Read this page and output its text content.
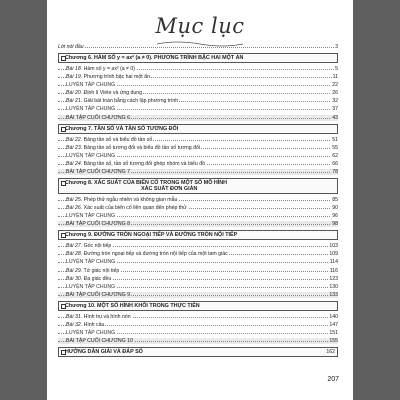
Mục lục
Lời nói đầu	3
Chương 6. HÀM SỐ y = ax² (a ≠ 0). PHƯƠNG TRÌNH BẬC HAI MỘT ẨN
Bài 18. Hàm số y = ax² (a ≠ 0)	5
Bài 19. Phương trình bậc hai một ẩn	11
LUYỆN TẬP CHUNG	22
Bài 20. Định lí Viète và ứng dụng	26
Bài 21. Giải bài toán bằng cách lập phương trình	32
LUYỆN TẬP CHUNG	37
BÀI TẬP CUỐI CHƯƠNG 6	43
Chương 7. TẦN SỐ VÀ TẦN SỐ TƯƠNG ĐỐI
Bài 22. Bảng tần số và biểu đồ tần số	51
Bài 23. Bảng tần số tương đối và biểu đồ tần số tương đối	55
LUYỆN TẬP CHUNG	62
Bài 24. Bảng tần số, tần số tương đối ghép nhóm và biểu đồ	66
BÀI TẬP CUỐI CHƯƠNG 7	78
Chương 8. XÁC SUẤT CỦA BIẾN CỐ TRONG MỘT SỐ MÔ HÌNH
XÁC SUẤT ĐƠN GIẢN
Bài 25. Phép thử ngẫu nhiên và không gian mẫu	85
Bài 26. Xác suất của biến cố liên quan đến phép thử	90
LUYỆN TẬP CHUNG	96
BÀI TẬP CUỐI CHƯƠNG 8	98
Chương 9. ĐƯỜNG TRÒN NGOẠI TIẾP VÀ ĐƯỜNG TRÒN NỘI TIẾP
Bài 27. Góc nội tiếp	103
Bài 28. Đường tròn ngoại tiếp và đường tròn nội tiếp của một tam giác	109
LUYỆN TẬP CHUNG	114
Bài 29. Tứ giác nội tiếp	116
Bài 30. Đa giác đều	123
LUYỆN TẬP CHUNG	130
BÀI TẬP CUỐI CHƯƠNG 9	133
Chương 10. MỘT SỐ HÌNH KHỐI TRONG THỰC TIỄN
Bài 31. Hình trụ và hình nón	140
Bài 32. Hình cầu	147
LUYỆN TẬP CHUNG	151
BÀI TẬP CUỐI CHƯƠNG 10	155
HƯỚNG DẪN GIẢI VÀ ĐÁP SỐ	162
207
